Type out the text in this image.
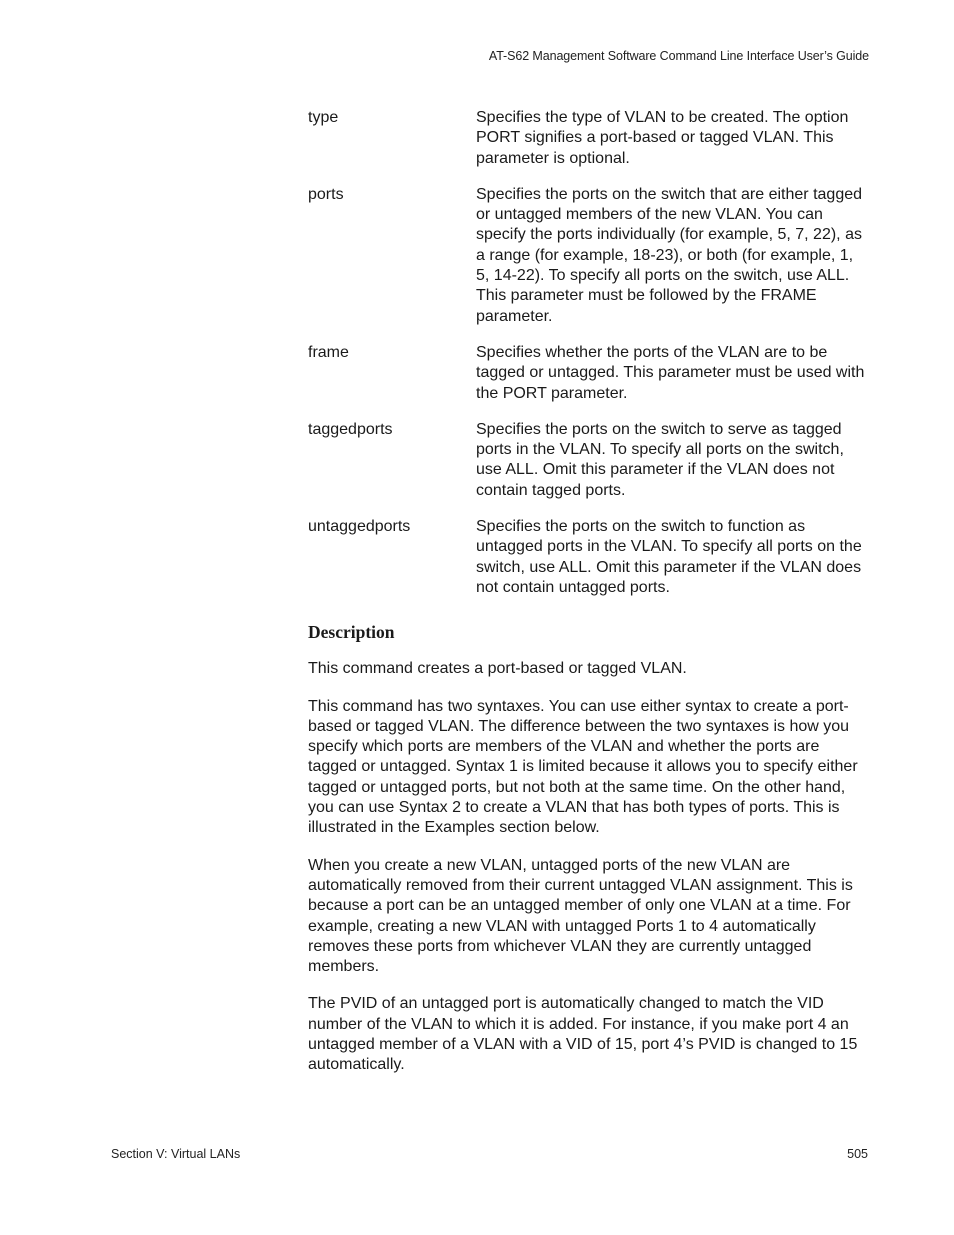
AT-S62 Management Software Command Line Interface User’s Guide
type	Specifies the type of VLAN to be created. The option PORT signifies a port-based or tagged VLAN. This parameter is optional.
ports	Specifies the ports on the switch that are either tagged or untagged members of the new VLAN. You can specify the ports individually (for example, 5, 7, 22), as a range (for example, 18-23), or both (for example, 1, 5, 14-22). To specify all ports on the switch, use ALL. This parameter must be followed by the FRAME parameter.
frame	Specifies whether the ports of the VLAN are to be tagged or untagged. This parameter must be used with the PORT parameter.
taggedports	Specifies the ports on the switch to serve as tagged ports in the VLAN. To specify all ports on the switch, use ALL. Omit this parameter if the VLAN does not contain tagged ports.
untaggedports	Specifies the ports on the switch to function as untagged ports in the VLAN. To specify all ports on the switch, use ALL. Omit this parameter if the VLAN does not contain untagged ports.
Description

This command creates a port-based or tagged VLAN.

This command has two syntaxes. You can use either syntax to create a port-based or tagged VLAN. The difference between the two syntaxes is how you specify which ports are members of the VLAN and whether the ports are tagged or untagged. Syntax 1 is limited because it allows you to specify either tagged or untagged ports, but not both at the same time. On the other hand, you can use Syntax 2 to create a VLAN that has both types of ports. This is illustrated in the Examples section below.

When you create a new VLAN, untagged ports of the new VLAN are automatically removed from their current untagged VLAN assignment. This is because a port can be an untagged member of only one VLAN at a time. For example, creating a new VLAN with untagged Ports 1 to 4 automatically removes these ports from whichever VLAN they are currently untagged members.

The PVID of an untagged port is automatically changed to match the VID number of the VLAN to which it is added. For instance, if you make port 4 an untagged member of a VLAN with a VID of 15, port 4’s PVID is changed to 15 automatically.

Section V: Virtual LANs	505
